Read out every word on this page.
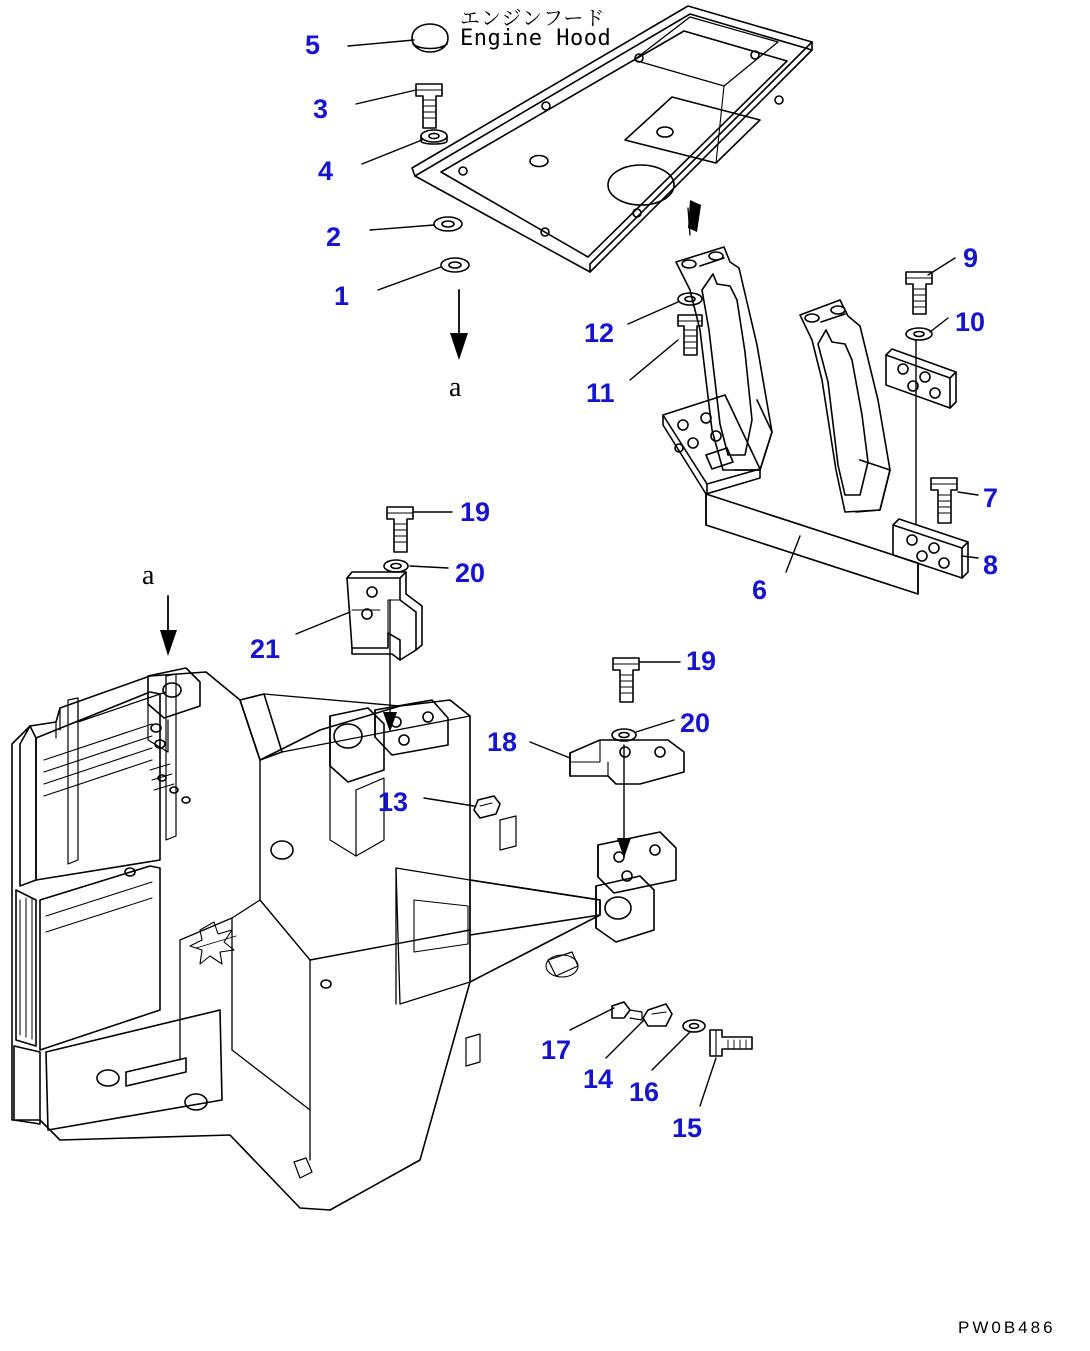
エンジンフード
Engine Hood
a
a
5
3
4
2
1
9
10
12
11
7
8
6
19
20
21	19
20
18
13
17
14 16
15
PW0B486
